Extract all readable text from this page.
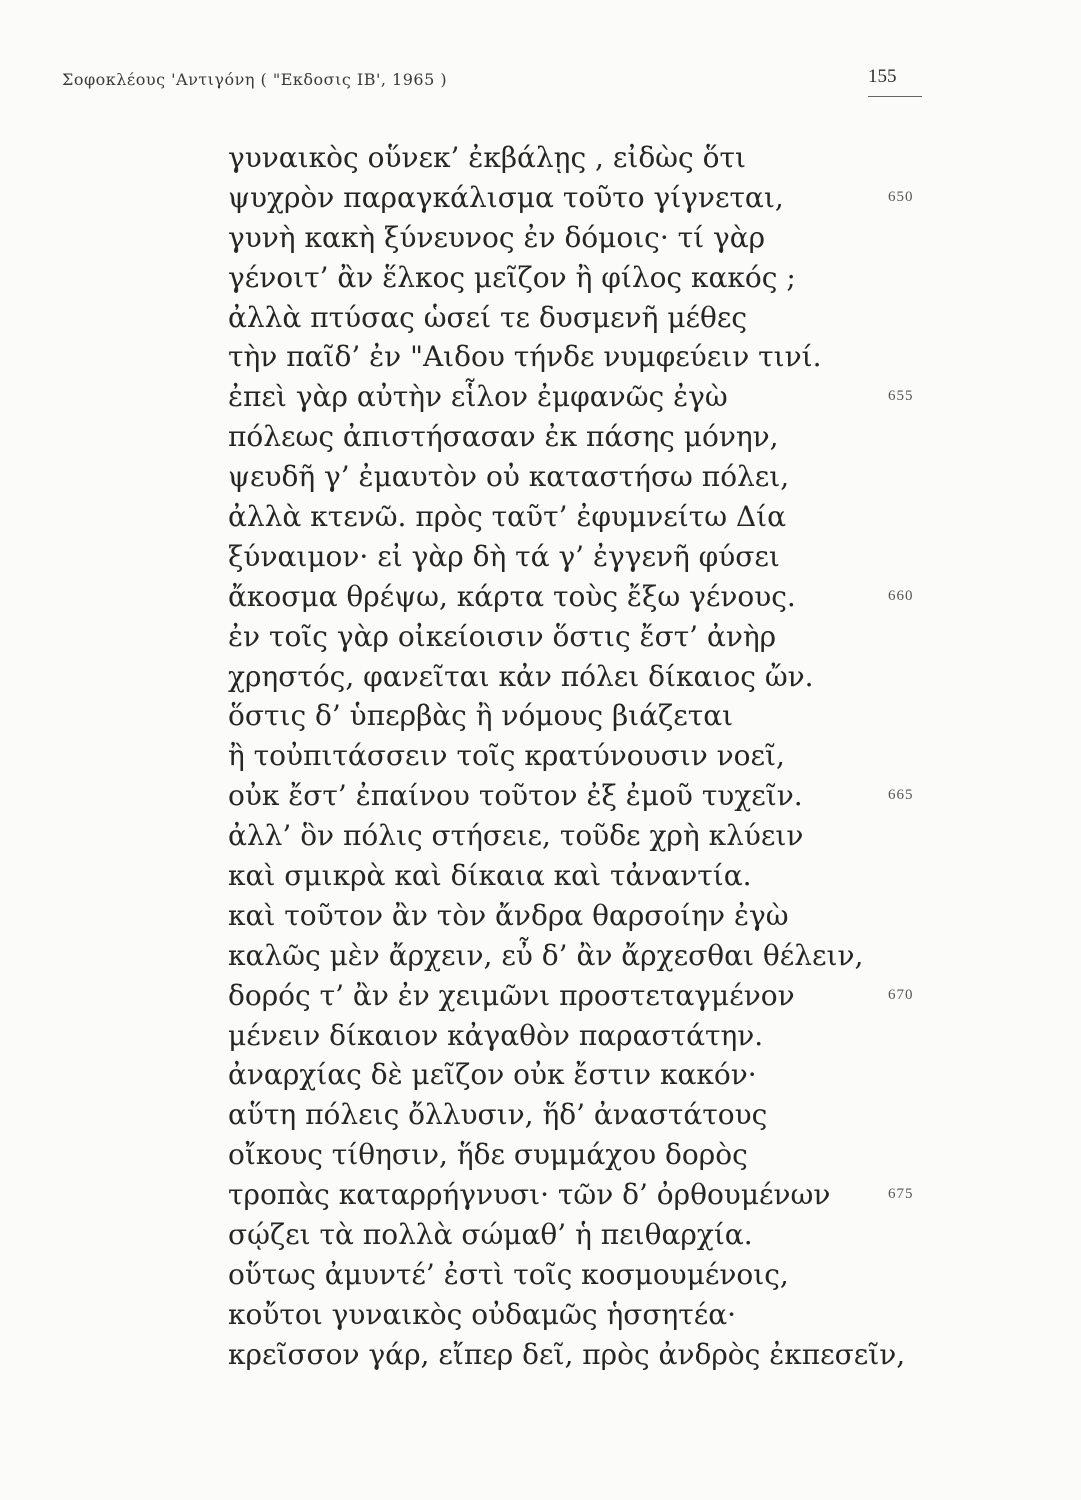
Σοφοκλέους 'Αντιγόνη ( "Εκδοσις ΙΒ', 1965 )	155
γυναικὸς οὕνεκ’ ἐκβάλῃς , εἰδὼς ὅτι
ψυχρὸν παραγκάλισμα τοῦτο γίγνεται,	650
γυνὴ κακὴ ξύνευνος ἐν δόμοις· τί γὰρ
γένοιτ’ ἂν ἕλκος μεῖζον ἢ φίλος κακός ;
ἀλλὰ πτύσας ὡσεί τε δυσμενῆ μέθες
τὴν παῖδ’ ἐν "Αιδου τήνδε νυμφεύειν τινί.
ἐπεὶ γὰρ αὐτὴν εἷλον ἐμφανῶς ἐγὼ	655
πόλεως ἀπιστήσασαν ἐκ πάσης μόνην,
ψευδῆ γ’ ἐμαυτὸν οὐ καταστήσω πόλει,
ἀλλὰ κτενῶ. πρὸς ταῦτ’ ἐφυμνείτω Δία
ξύναιμον· εἰ γὰρ δὴ τά γ’ ἐγγενῆ φύσει
ἄκοσμα θρέψω, κάρτα τοὺς ἔξω γένους.	660
ἐν τοῖς γὰρ οἰκείοισιν ὅστις ἔστ’ ἀνὴρ
χρηστός, φανεῖται κἀν πόλει δίκαιος ὤν.
ὅστις δ’ ὑπερβὰς ἢ νόμους βιάζεται
ἢ τοὐπιτάσσειν τοῖς κρατύνουσιν νοεῖ,
οὐκ ἔστ’ ἐπαίνου τοῦτον ἐξ ἐμοῦ τυχεῖν.	665
ἀλλ’ ὃν πόλις στήσειε, τοῦδε χρὴ κλύειν
καὶ σμικρὰ καὶ δίκαια καὶ τἀναντία.
καὶ τοῦτον ἂν τὸν ἄνδρα θαρσοίην ἐγὼ
καλῶς μὲν ἄρχειν, εὖ δ’ ἂν ἄρχεσθαι θέλειν,
δορός τ’ ἂν ἐν χειμῶνι προστεταγμένον	670
μένειν δίκαιον κἀγαθὸν παραστάτην.
ἀναρχίας δὲ μεῖζον οὐκ ἔστιν κακόν·
αὕτη πόλεις ὄλλυσιν, ἥδ’ ἀναστάτους
οἴκους τίθησιν, ἥδε συμμάχου δορὸς
τροπὰς καταρρήγνυσι· τῶν δ’ ὀρθουμένων	675
σῴζει τὰ πολλὰ σώμαθ’ ἡ πειθαρχία.
οὕτως ἀμυντέ’ ἐστὶ τοῖς κοσμουμένοις,
κοὔτοι γυναικὸς οὐδαμῶς ἡσσητέα·
κρεῖσσον γάρ, εἴπερ δεῖ, πρὸς ἀνδρὸς ἐκπεσεῖν,
